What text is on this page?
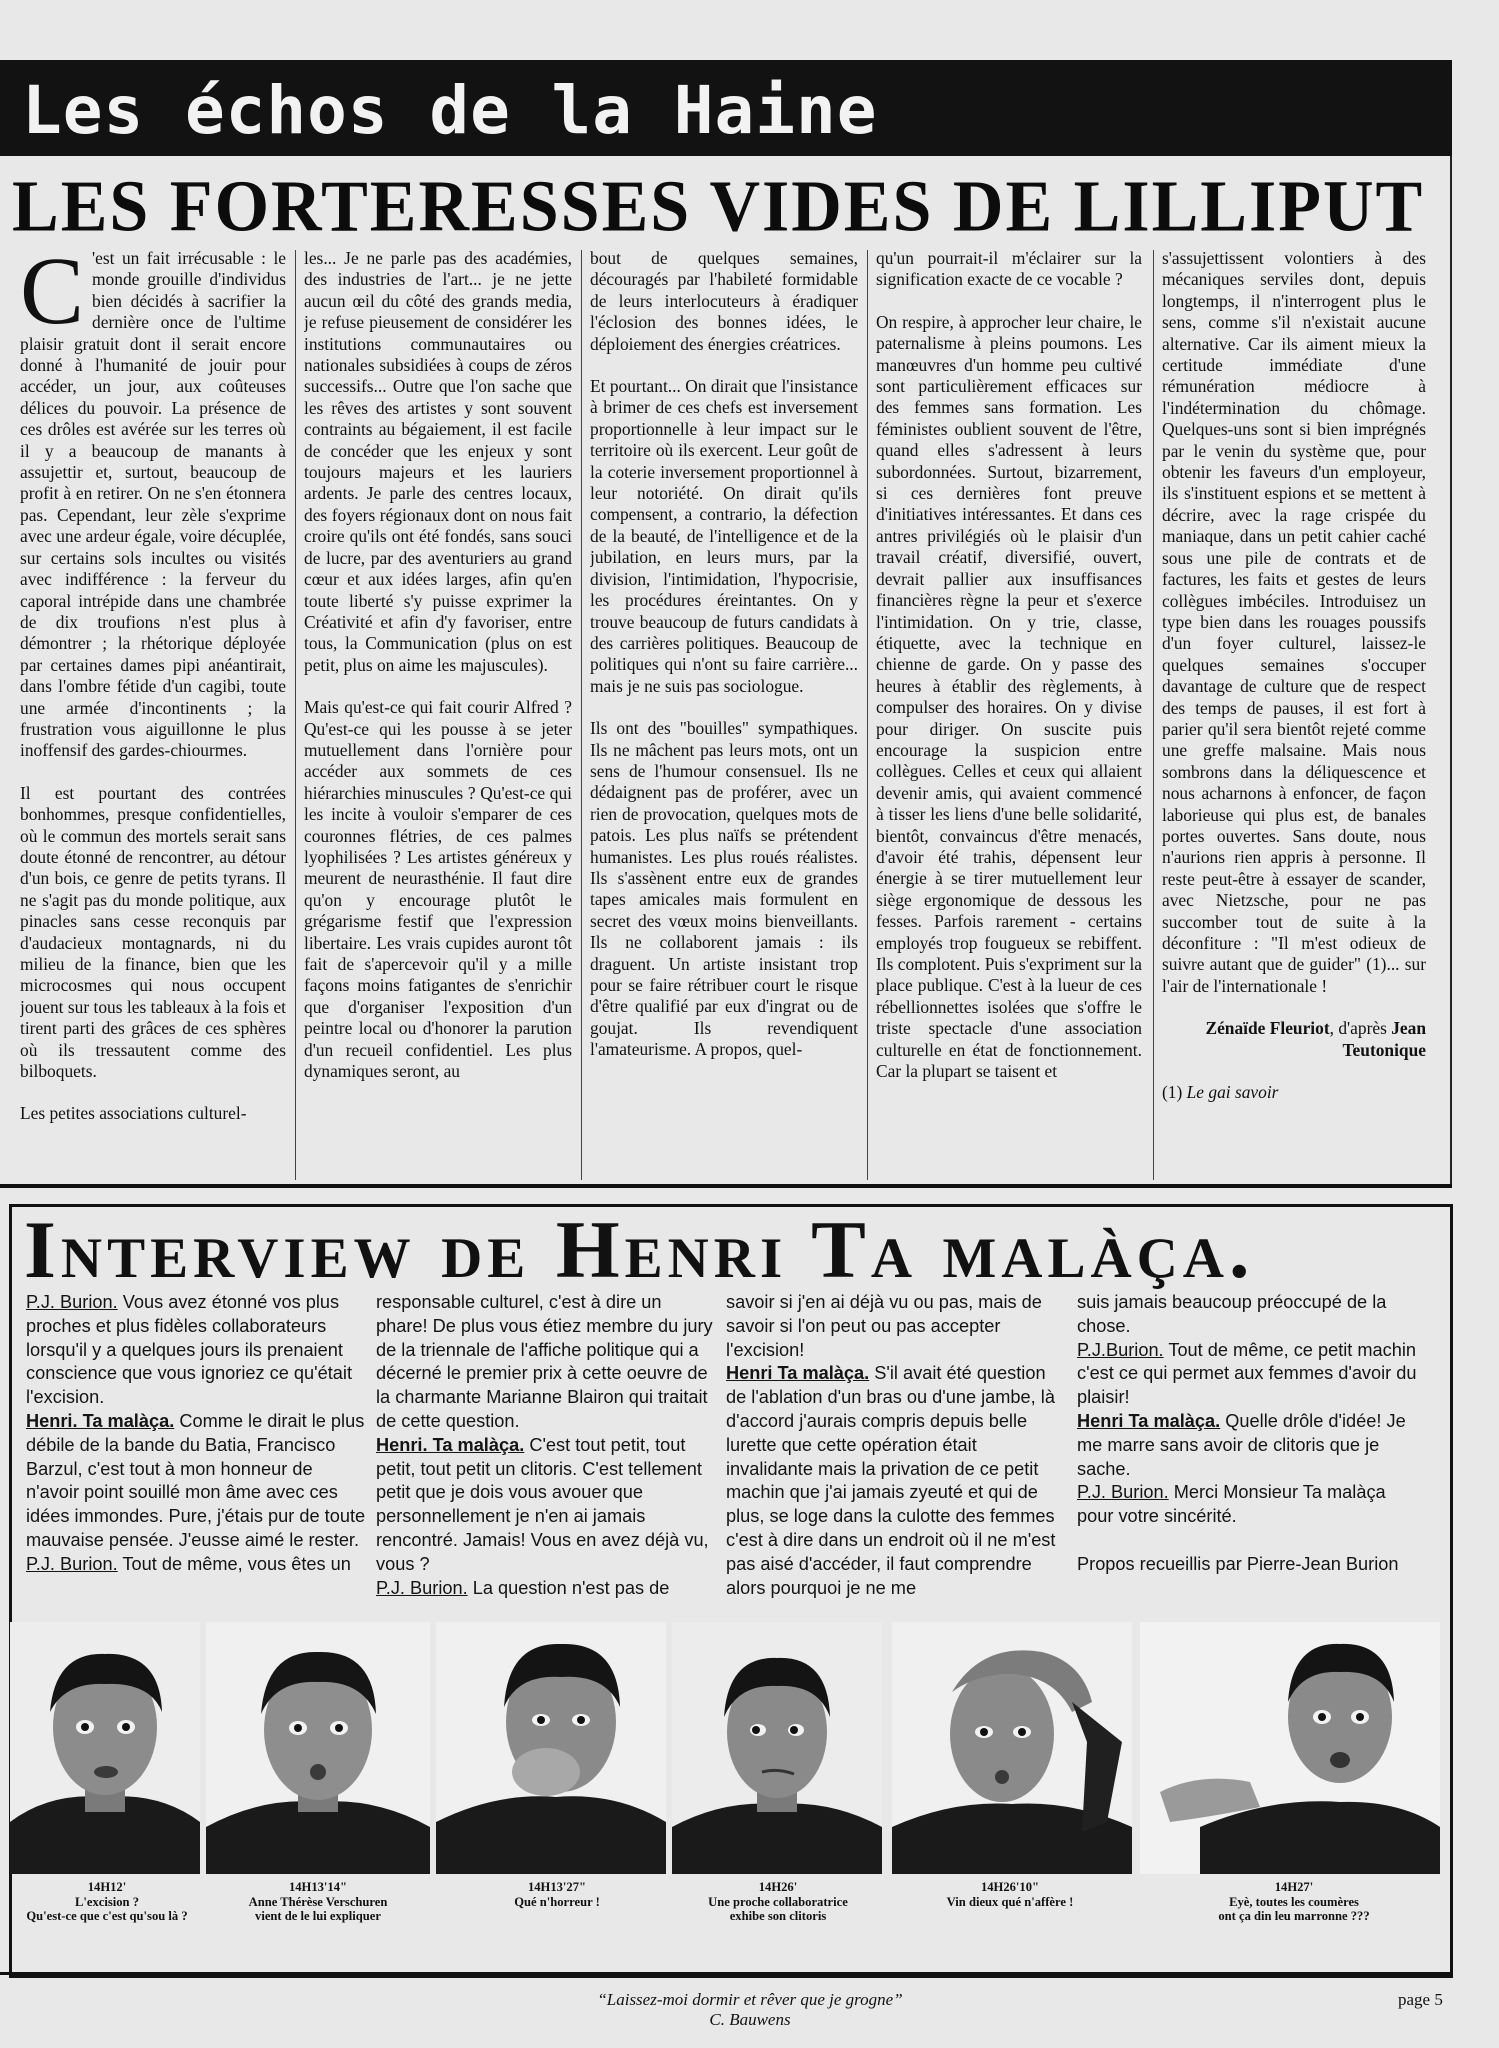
Les échos de la Haine
LES FORTERESSES VIDES DE LILLIPUT

C 'est un fait irrécusable : le monde grouille d'individus bien décidés à sacrifier la dernière once de l'ultime plaisir gratuit dont il serait encore donné à l'humanité de jouir pour accéder, un jour, aux coûteuses délices du pouvoir. La présence de ces drôles est avérée sur les terres où il y a beaucoup de manants à assujettir et, surtout, beaucoup de profit à en retirer. On ne s'en étonnera pas. Cependant, leur zèle s'exprime avec une ardeur égale, voire décuplée, sur certains sols incultes ou visités avec indifférence : la ferveur du caporal intrépide dans une chambrée de dix troufions n'est plus à démontrer ; la rhétorique déployée par certaines dames pipi anéantirait, dans l'ombre fétide d'un cagibi, toute une armée d'incontinents ; la frustration vous aiguillonne le plus inoffensif des gardes-chiourmes.

Il est pourtant des contrées bonhommes, presque confidentielles, où le commun des mortels serait sans doute étonné de rencontrer, au détour d'un bois, ce genre de petits tyrans. Il ne s'agit pas du monde politique, aux pinacles sans cesse reconquis par d'audacieux montagnards, ni du milieu de la finance, bien que les microcosmes qui nous occupent jouent sur tous les tableaux à la fois et tirent parti des grâces de ces sphères où ils tressautent comme des bilboquets.

Les petites associations culturel-

les... Je ne parle pas des académies, des industries de l'art... je ne jette aucun œil du côté des grands media, je refuse pieusement de considérer les institutions communautaires ou nationales subsidiées à coups de zéros successifs... Outre que l'on sache que les rêves des artistes y sont souvent contraints au bégaiement, il est facile de concéder que les enjeux y sont toujours majeurs et les lauriers ardents. Je parle des centres locaux, des foyers régionaux dont on nous fait croire qu'ils ont été fondés, sans souci de lucre, par des aventuriers au grand cœur et aux idées larges, afin qu'en toute liberté s'y puisse exprimer la Créativité et afin d'y favoriser, entre tous, la Communication (plus on est petit, plus on aime les majuscules).

Mais qu'est-ce qui fait courir Alfred ? Qu'est-ce qui les pousse à se jeter mutuellement dans l'ornière pour accéder aux sommets de ces hiérarchies minuscules ? Qu'est-ce qui les incite à vouloir s'emparer de ces couronnes flétries, de ces palmes lyophilisées ? Les artistes généreux y meurent de neurasthénie. Il faut dire qu'on y encourage plutôt le grégarisme festif que l'expression libertaire. Les vrais cupides auront tôt fait de s'apercevoir qu'il y a mille façons moins fatigantes de s'enrichir que d'organiser l'exposition d'un peintre local ou d'honorer la parution d'un recueil confidentiel. Les plus dynamiques seront, au

bout de quelques semaines, découragés par l'habileté formidable de leurs interlocuteurs à éradiquer l'éclosion des bonnes idées, le déploiement des énergies créatrices.

Et pourtant... On dirait que l'insistance à brimer de ces chefs est inversement proportionnelle à leur impact sur le territoire où ils exercent. Leur goût de la coterie inversement proportionnel à leur notoriété. On dirait qu'ils compensent, a contrario, la défection de la beauté, de l'intelligence et de la jubilation, en leurs murs, par la division, l'intimidation, l'hypocrisie, les procédures éreintantes. On y trouve beaucoup de futurs candidats à des carrières politiques. Beaucoup de politiques qui n'ont su faire carrière... mais je ne suis pas sociologue.

Ils ont des "bouilles" sympathiques. Ils ne mâchent pas leurs mots, ont un sens de l'humour consensuel. Ils ne dédaignent pas de proférer, avec un rien de provocation, quelques mots de patois. Les plus naïfs se prétendent humanistes. Les plus roués réalistes. Ils s'assènent entre eux de grandes tapes amicales mais formulent en secret des vœux moins bienveillants. Ils ne collaborent jamais : ils draguent. Un artiste insistant trop pour se faire rétribuer court le risque d'être qualifié par eux d'ingrat ou de goujat. Ils revendiquent l'amateurisme. A propos, quel-

qu'un pourrait-il m'éclairer sur la signification exacte de ce vocable ?

On respire, à approcher leur chaire, le paternalisme à pleins poumons. Les manœuvres d'un homme peu cultivé sont particulièrement efficaces sur des femmes sans formation. Les féministes oublient souvent de l'être, quand elles s'adressent à leurs subordonnées. Surtout, bizarrement, si ces dernières font preuve d'initiatives intéressantes. Et dans ces antres privilégiés où le plaisir d'un travail créatif, diversifié, ouvert, devrait pallier aux insuffisances financières règne la peur et s'exerce l'intimidation. On y trie, classe, étiquette, avec la technique en chienne de garde. On y passe des heures à établir des règlements, à compulser des horaires. On y divise pour diriger. On suscite puis encourage la suspicion entre collègues. Celles et ceux qui allaient devenir amis, qui avaient commencé à tisser les liens d'une belle solidarité, bientôt, convaincus d'être menacés, d'avoir été trahis, dépensent leur énergie à se tirer mutuellement leur siège ergonomique de dessous les fesses. Parfois rarement - certains employés trop fougueux se rebiffent. Ils complotent. Puis s'expriment sur la place publique. C'est à la lueur de ces rébellionnettes isolées que s'offre le triste spectacle d'une association culturelle en état de fonctionnement. Car la plupart se taisent et

s'assujettissent volontiers à des mécaniques serviles dont, depuis longtemps, il n'interrogent plus le sens, comme s'il n'existait aucune alternative. Car ils aiment mieux la certitude immédiate d'une rémunération médiocre à l'indétermination du chômage. Quelques-uns sont si bien imprégnés par le venin du système que, pour obtenir les faveurs d'un employeur, ils s'instituent espions et se mettent à décrire, avec la rage crispée du maniaque, dans un petit cahier caché sous une pile de contrats et de factures, les faits et gestes de leurs collègues imbéciles. Introduisez un type bien dans les rouages poussifs d'un foyer culturel, laissez-le quelques semaines s'occuper davantage de culture que de respect des temps de pauses, il est fort à parier qu'il sera bientôt rejeté comme une greffe malsaine. Mais nous sombrons dans la déliquescence et nous acharnons à enfoncer, de façon laborieuse qui plus est, de banales portes ouvertes. Sans doute, nous n'aurions rien appris à personne. Il reste peut-être à essayer de scander, avec Nietzsche, pour ne pas succomber tout de suite à la déconfiture : "Il m'est odieux de suivre autant que de guider" (1)... sur l'air de l'internationale !

Zénaïde Fleuriot, d'après Jean Teutonique

(1) Le gai savoir

Interview de Henri Ta malàça.

P.J. Burion. Vous avez étonné vos plus proches et plus fidèles collaborateurs lorsqu'il y a quelques jours ils prenaient conscience que vous ignoriez ce qu'était l'excision.

Henri. Ta malàça. Comme le dirait le plus débile de la bande du Batia, Francisco Barzul, c'est tout à mon honneur de n'avoir point souillé mon âme avec ces idées immondes. Pure, j'étais pur de toute mauvaise pensée. J'eusse aimé le rester.

P.J. Burion. Tout de même, vous êtes un

responsable culturel, c'est à dire un phare! De plus vous étiez membre du jury de la triennale de l'affiche politique qui a décerné le premier prix à cette oeuvre de la charmante Marianne Blairon qui traitait de cette question.

Henri. Ta malàça. C'est tout petit, tout petit, tout petit un clitoris. C'est tellement petit que je dois vous avouer que personnellement je n'en ai jamais rencontré. Jamais! Vous en avez déjà vu, vous ?

P.J. Burion. La question n'est pas de

savoir si j'en ai déjà vu ou pas, mais de savoir si l'on peut ou pas accepter l'excision!

Henri Ta malàça. S'il avait été question de l'ablation d'un bras ou d'une jambe, là d'accord j'aurais compris depuis belle lurette que cette opération était invalidante mais la privation de ce petit machin que j'ai jamais zyeuté et qui de plus, se loge dans la culotte des femmes c'est à dire dans un endroit où il ne m'est pas aisé d'accéder, il faut comprendre alors pourquoi je ne me

suis jamais beaucoup préoccupé de la chose.

P.J.Burion. Tout de même, ce petit machin c'est ce qui permet aux femmes d'avoir du plaisir!

Henri Ta malàça. Quelle drôle d'idée! Je me marre sans avoir de clitoris que je sache.

P.J. Burion. Merci Monsieur Ta malàça pour votre sincérité.

Propos recueillis par Pierre-Jean Burion

14H12'
L'excision ?
Qu'est-ce que c'est qu'sou là ?
14H13'14"
Anne Thérèse Verschuren
vient de le lui expliquer
14H13'27"
Qué n'horreur !
14H26'
Une proche collaboratrice
exhibe son clitoris
14H26'10"
Vin dieux qué n'affère !
14H27'
Eyè, toutes les coumères
ont ça din leu marronne ???
“Laissez-moi dormir et rêver que je grogne”
C. Bauwens
page 5
